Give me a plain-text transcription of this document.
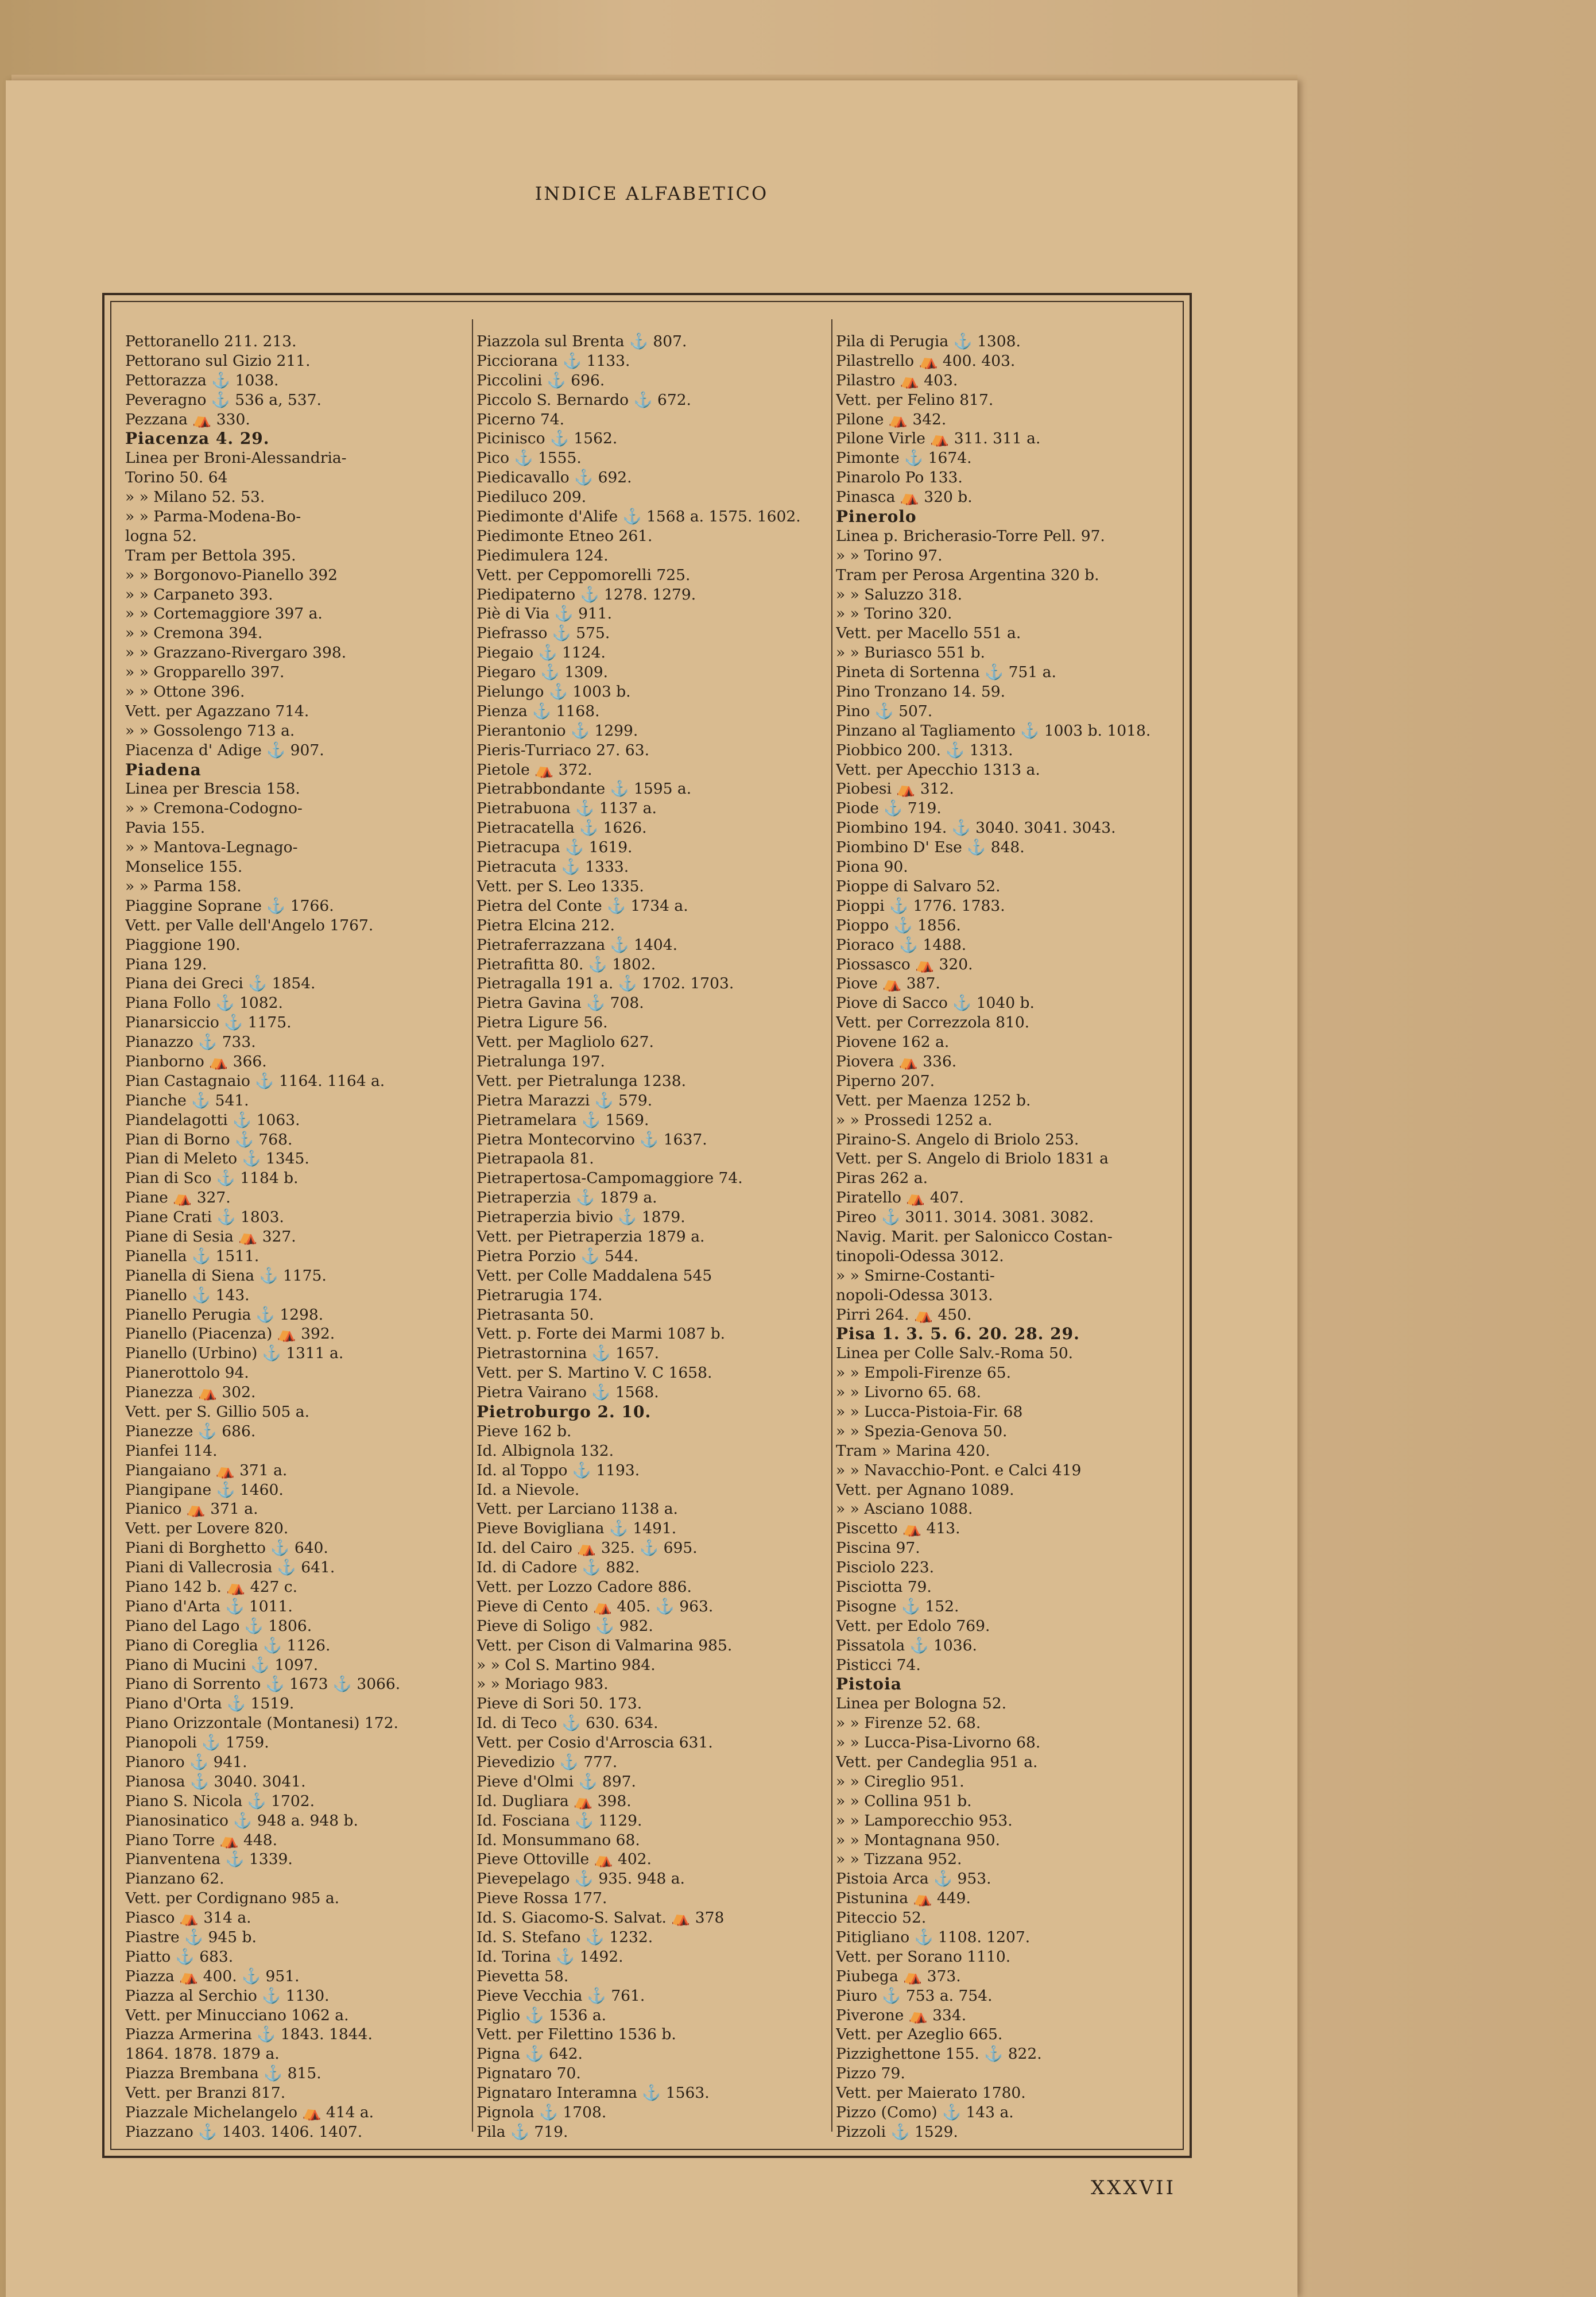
INDICE ALFABETICO
Pettoranello 211. 213.
Pettorano sul Gizio 211.
Pettorazza ⚓ 1038.
Peveragno ⚓ 536 a, 537.
Pezzana ⛺ 330.
Piacenza 4. 29.
Linea per Broni-Alessandria-
Torino 50. 64
» » Milano 52. 53.
» » Parma-Modena-Bo-
logna 52.
Tram per Bettola 395.
» » Borgonovo-Pianello 392
» » Carpaneto 393.
» » Cortemaggiore 397 a.
» » Cremona 394.
» » Grazzano-Rivergaro 398.
» » Gropparello 397.
» » Ottone 396.
Vett. per Agazzano 714.
» » Gossolengo 713 a.
Piacenza d' Adige ⚓ 907.
Piadena
Linea per Brescia 158.
» » Cremona-Codogno-
Pavia 155.
» » Mantova-Legnago-
Monselice 155.
» » Parma 158.
Piaggine Soprane ⚓ 1766.
Vett. per Valle dell'Angelo 1767.
Piaggione 190.
Piana 129.
Piana dei Greci ⚓ 1854.
Piana Follo ⚓ 1082.
Pianarsiccio ⚓ 1175.
Pianazzo ⚓ 733.
Pianborno ⛺ 366.
Pian Castagnaio ⚓ 1164. 1164 a.
Pianche ⚓ 541.
Piandelagotti ⚓ 1063.
Pian di Borno ⚓ 768.
Pian di Meleto ⚓ 1345.
Pian di Sco ⚓ 1184 b.
Piane ⛺ 327.
Piane Crati ⚓ 1803.
Piane di Sesia ⛺ 327.
Pianella ⚓ 1511.
Pianella di Siena ⚓ 1175.
Pianello ⚓ 143.
Pianello Perugia ⚓ 1298.
Pianello (Piacenza) ⛺ 392.
Pianello (Urbino) ⚓ 1311 a.
Pianerottolo 94.
Pianezza ⛺ 302.
Vett. per S. Gillio 505 a.
Pianezze ⚓ 686.
Pianfei 114.
Piangaiano ⛺ 371 a.
Piangipane ⚓ 1460.
Pianico ⛺ 371 a.
Vett. per Lovere 820.
Piani di Borghetto ⚓ 640.
Piani di Vallecrosia ⚓ 641.
Piano 142 b. ⛺ 427 c.
Piano d'Arta ⚓ 1011.
Piano del Lago ⚓ 1806.
Piano di Coreglia ⚓ 1126.
Piano di Mucini ⚓ 1097.
Piano di Sorrento ⚓ 1673 ⚓ 3066.
Piano d'Orta ⚓ 1519.
Piano Orizzontale (Montanesi) 172.
Pianopoli ⚓ 1759.
Pianoro ⚓ 941.
Pianosa ⚓ 3040. 3041.
Piano S. Nicola ⚓ 1702.
Pianosinatico ⚓ 948 a. 948 b.
Piano Torre ⛺ 448.
Pianventena ⚓ 1339.
Pianzano 62.
Vett. per Cordignano 985 a.
Piasco ⛺ 314 a.
Piastre ⚓ 945 b.
Piatto ⚓ 683.
Piazza ⛺ 400. ⚓ 951.
Piazza al Serchio ⚓ 1130.
Vett. per Minucciano 1062 a.
Piazza Armerina ⚓ 1843. 1844.
1864. 1878. 1879 a.
Piazza Brembana ⚓ 815.
Vett. per Branzi 817.
Piazzale Michelangelo ⛺ 414 a.
Piazzano ⚓ 1403. 1406. 1407.
Piazzola sul Brenta ⚓ 807.
Picciorana ⚓ 1133.
Piccolini ⚓ 696.
Piccolo S. Bernardo ⚓ 672.
Picerno 74.
Picinisco ⚓ 1562.
Pico ⚓ 1555.
Piedicavallo ⚓ 692.
Piediluco 209.
Piedimonte d'Alife ⚓ 1568 a. 1575. 1602.
Piedimonte Etneo 261.
Piedimulera 124.
Vett. per Ceppomorelli 725.
Piedipaterno ⚓ 1278. 1279.
Piè di Via ⚓ 911.
Piefrasso ⚓ 575.
Piegaio ⚓ 1124.
Piegaro ⚓ 1309.
Pielungo ⚓ 1003 b.
Pienza ⚓ 1168.
Pierantonio ⚓ 1299.
Pieris-Turriaco 27. 63.
Pietole ⛺ 372.
Pietrabbondante ⚓ 1595 a.
Pietrabuona ⚓ 1137 a.
Pietracatella ⚓ 1626.
Pietracupa ⚓ 1619.
Pietracuta ⚓ 1333.
Vett. per S. Leo 1335.
Pietra del Conte ⚓ 1734 a.
Pietra Elcina 212.
Pietraferrazzana ⚓ 1404.
Pietrafitta 80. ⚓ 1802.
Pietragalla 191 a. ⚓ 1702. 1703.
Pietra Gavina ⚓ 708.
Pietra Ligure 56.
Vett. per Magliolo 627.
Pietralunga 197.
Vett. per Pietralunga 1238.
Pietra Marazzi ⚓ 579.
Pietramelara ⚓ 1569.
Pietra Montecorvino ⚓ 1637.
Pietrapaola 81.
Pietrapertosa-Campomaggiore 74.
Pietraperzia ⚓ 1879 a.
Pietraperzia bivio ⚓ 1879.
Vett. per Pietraperzia 1879 a.
Pietra Porzio ⚓ 544.
Vett. per Colle Maddalena 545
Pietrarugia 174.
Pietrasanta 50.
Vett. p. Forte dei Marmi 1087 b.
Pietrastornina ⚓ 1657.
Vett. per S. Martino V. C 1658.
Pietra Vairano ⚓ 1568.
Pietroburgo 2. 10.
Pieve 162 b.
Id. Albignola 132.
Id. al Toppo ⚓ 1193.
Id. a Nievole.
Vett. per Larciano 1138 a.
Pieve Boviglianа ⚓ 1491.
Id. del Cairo ⛺ 325. ⚓ 695.
Id. di Cadore ⚓ 882.
Vett. per Lozzo Cadore 886.
Pieve di Cento ⛺ 405. ⚓ 963.
Pieve di Soligo ⚓ 982.
Vett. per Cison di Valmarina 985.
» » Col S. Martino 984.
» » Moriago 983.
Pieve di Sori 50. 173.
Id. di Teco ⚓ 630. 634.
Vett. per Cosio d'Arroscia 631.
Pievedizio ⚓ 777.
Pieve d'Olmi ⚓ 897.
Id. Dugliara ⛺ 398.
Id. Fosciana ⚓ 1129.
Id. Monsummano 68.
Pieve Ottoville ⛺ 402.
Pievepelago ⚓ 935. 948 a.
Pieve Rossa 177.
Id. S. Giacomo-S. Salvat. ⛺ 378
Id. S. Stefano ⚓ 1232.
Id. Torina ⚓ 1492.
Pievetta 58.
Pieve Vecchia ⚓ 761.
Piglio ⚓ 1536 a.
Vett. per Filettino 1536 b.
Pigna ⚓ 642.
Pignataro 70.
Pignataro Interamna ⚓ 1563.
Pignola ⚓ 1708.
Pila ⚓ 719.
Pila di Perugia ⚓ 1308.
Pilastrello ⛺ 400. 403.
Pilastro ⛺ 403.
Vett. per Felino 817.
Pilone ⛺ 342.
Pilone Virle ⛺ 311. 311 a.
Pimonte ⚓ 1674.
Pinarolo Po 133.
Pinasca ⛺ 320 b.
Pinerolo
Linea p. Bricherasio-Torre Pell. 97.
» » Torino 97.
Tram per Perosa Argentina 320 b.
» » Saluzzo 318.
» » Torino 320.
Vett. per Macello 551 a.
» » Buriasco 551 b.
Pineta di Sortenna ⚓ 751 a.
Pino Tronzano 14. 59.
Pino ⚓ 507.
Pinzano al Tagliamento ⚓ 1003 b. 1018.
Piobbico 200. ⚓ 1313.
Vett. per Apecchio 1313 a.
Piobesi ⛺ 312.
Piode ⚓ 719.
Piombino 194. ⚓ 3040. 3041. 3043.
Piombino D' Ese ⚓ 848.
Piona 90.
Pioppe di Salvaro 52.
Pioppi ⚓ 1776. 1783.
Pioppo ⚓ 1856.
Pioraco ⚓ 1488.
Piossasco ⛺ 320.
Piove ⛺ 387.
Piove di Sacco ⚓ 1040 b.
Vett. per Correzzola 810.
Piovene 162 a.
Piovera ⛺ 336.
Piperno 207.
Vett. per Maenza 1252 b.
» » Prossedi 1252 a.
Piraino-S. Angelo di Briolo 253.
Vett. per S. Angelo di Briolo 1831 a
Piras 262 a.
Piratello ⛺ 407.
Pireo ⚓ 3011. 3014. 3081. 3082.
Navig. Marit. per Salonicco Costan-
tinopoli-Odessa 3012.
» » Smirne-Costanti-
nopoli-Odessa 3013.
Pirri 264. ⛺ 450.
Pisa 1. 3. 5. 6. 20. 28. 29.
Linea per Colle Salv.-Roma 50.
» » Empoli-Firenze 65.
» » Livorno 65. 68.
» » Lucca-Pistoia-Fir. 68
» » Spezia-Genova 50.
Tram » Marina 420.
» » Navacchio-Pont. e Calci 419
Vett. per Agnano 1089.
» » Asciano 1088.
Piscetto ⛺ 413.
Piscina 97.
Pisciolo 223.
Pisciotta 79.
Pisogne ⚓ 152.
Vett. per Edolo 769.
Pissatola ⚓ 1036.
Pisticci 74.
Pistoia
Linea per Bologna 52.
» » Firenze 52. 68.
» » Lucca-Pisa-Livorno 68.
Vett. per Candeglia 951 a.
» » Cireglio 951.
» » Collina 951 b.
» » Lamporecchio 953.
» » Montagnana 950.
» » Tizzana 952.
Pistoia Arca ⚓ 953.
Pistunina ⛺ 449.
Piteccio 52.
Pitigliano ⚓ 1108. 1207.
Vett. per Sorano 1110.
Piubega ⛺ 373.
Piuro ⚓ 753 a. 754.
Piverone ⛺ 334.
Vett. per Azeglio 665.
Pizzighettone 155. ⚓ 822.
Pizzo 79.
Vett. per Maierato 1780.
Pizzo (Como) ⚓ 143 a.
Pizzoli ⚓ 1529.
XXXVII
